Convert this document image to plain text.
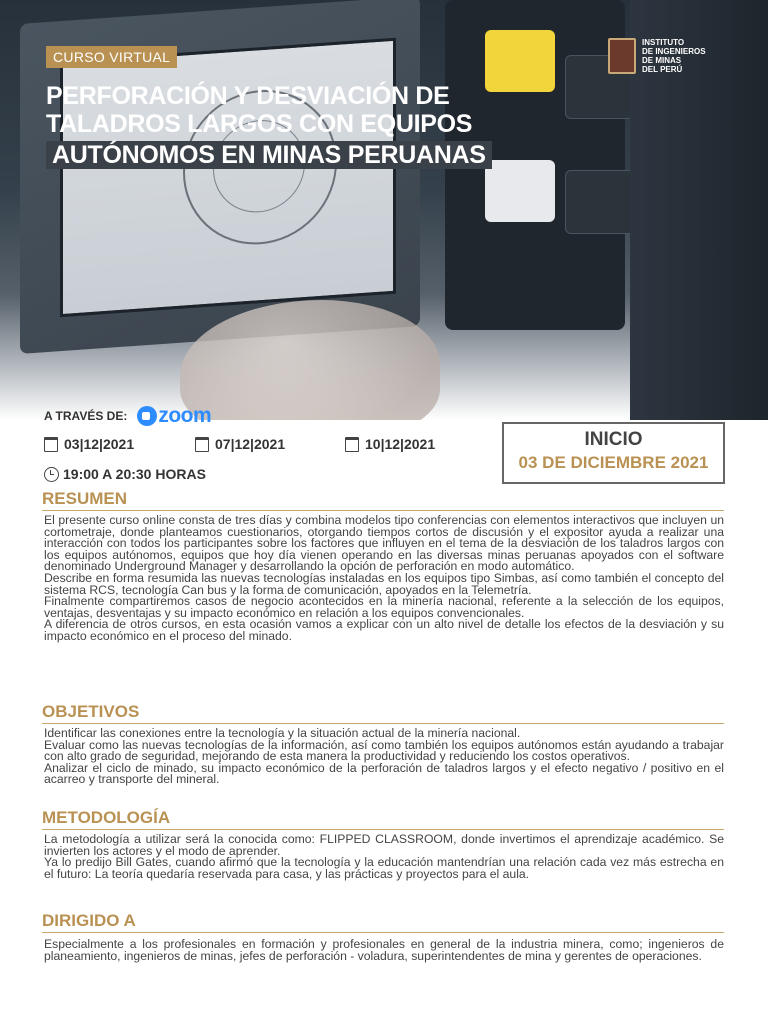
CURSO VIRTUAL
PERFORACIÓN Y DESVIACIÓN DE
TALADROS LARGOS CON EQUIPOS
AUTÓNOMOS EN MINAS PERUANAS
INSTITUTO
DE INGENIEROS
DE MINAS
DEL PERÚ
A TRAVÉS DE: zoom
03|12|2021	07|12|2021	10|12|2021
19:00 A 20:30 HORAS
INICIO
03 DE DICIEMBRE 2021
RESUMEN

El presente curso online consta de tres días y combina modelos tipo conferencias con elementos interactivos que incluyen un cortometraje, donde planteamos cuestionarios, otorgando tiempos cortos de discusión y el expositor ayuda a realizar una interacción con todos los participantes sobre los factores que influyen en el tema de la desviación de los taladros largos con los equipos autónomos, equipos que hoy día vienen operando en las diversas minas peruanas apoyados con el software denominado Underground Manager y desarrollando la opción de perforación en modo automático.

Describe en forma resumida las nuevas tecnologías instaladas en los equipos tipo Simbas, así como también el concepto del sistema RCS, tecnología Can bus y la forma de comunicación, apoyados en la Telemetría.

Finalmente compartiremos casos de negocio acontecidos en la minería nacional, referente a la selección de los equipos, ventajas, desventajas y su impacto económico en relación a los equipos convencionales.

A diferencia de otros cursos, en esta ocasión vamos a explicar con un alto nivel de detalle los efectos de la desviación y su impacto económico en el proceso del minado.

OBJETIVOS

Identificar las conexiones entre la tecnología y la situación actual de la minería nacional.

Evaluar como las nuevas tecnologías de la información, así como también los equipos autónomos están ayudando a trabajar con alto grado de seguridad, mejorando de esta manera la productividad y reduciendo los costos operativos.

Analizar el ciclo de minado, su impacto económico de la perforación de taladros largos y el efecto negativo / positivo en el acarreo y transporte del mineral.

METODOLOGÍA

La metodología a utilizar será la conocida como: FLIPPED CLASSROOM, donde invertimos el aprendizaje académico. Se invierten los actores y el modo de aprender.

Ya lo predijo Bill Gates, cuando afirmó que la tecnología y la educación mantendrían una relación cada vez más estrecha en el futuro: La teoría quedaría reservada para casa, y las prácticas y proyectos para el aula.

DIRIGIDO A

Especialmente a los profesionales en formación y profesionales en general de la industria minera, como; ingenieros de planeamiento, ingenieros de minas, jefes de perforación - voladura, superintendentes de mina y gerentes de operaciones.
